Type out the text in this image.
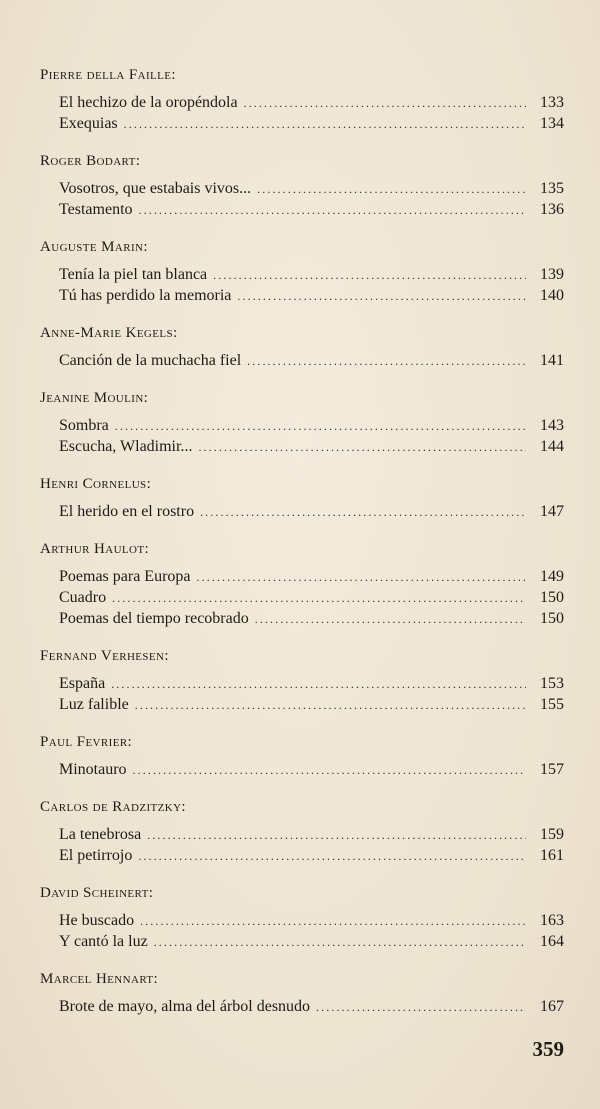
Pierre della Faille:
El hechizo de la oropéndola .....	133
Exequias .....	134
Roger Bodart:
Vosotros, que estabais vivos... .....	135
Testamento .....	136
Auguste Marin:
Tenía la piel tan blanca .....	139
Tú has perdido la memoria .....	140
Anne-Marie Kegels:
Canción de la muchacha fiel .....	141
Jeanine Moulin:
Sombra .....	143
Escucha, Wladimir... .....	144
Henri Cornelus:
El herido en el rostro .....	147
Arthur Haulot:
Poemas para Europa .....	149
Cuadro .....	150
Poemas del tiempo recobrado .....	150
Fernand Verhesen:
España .....	153
Luz falible .....	155
Paul Fevrier:
Minotauro .....	157
Carlos de Radzitzky:
La tenebrosa .....	159
El petirrojo .....	161
David Scheinert:
He buscado .....	163
Y cantó la luz .....	164
Marcel Hennart:
Brote de mayo, alma del árbol desnudo .....	167
359
